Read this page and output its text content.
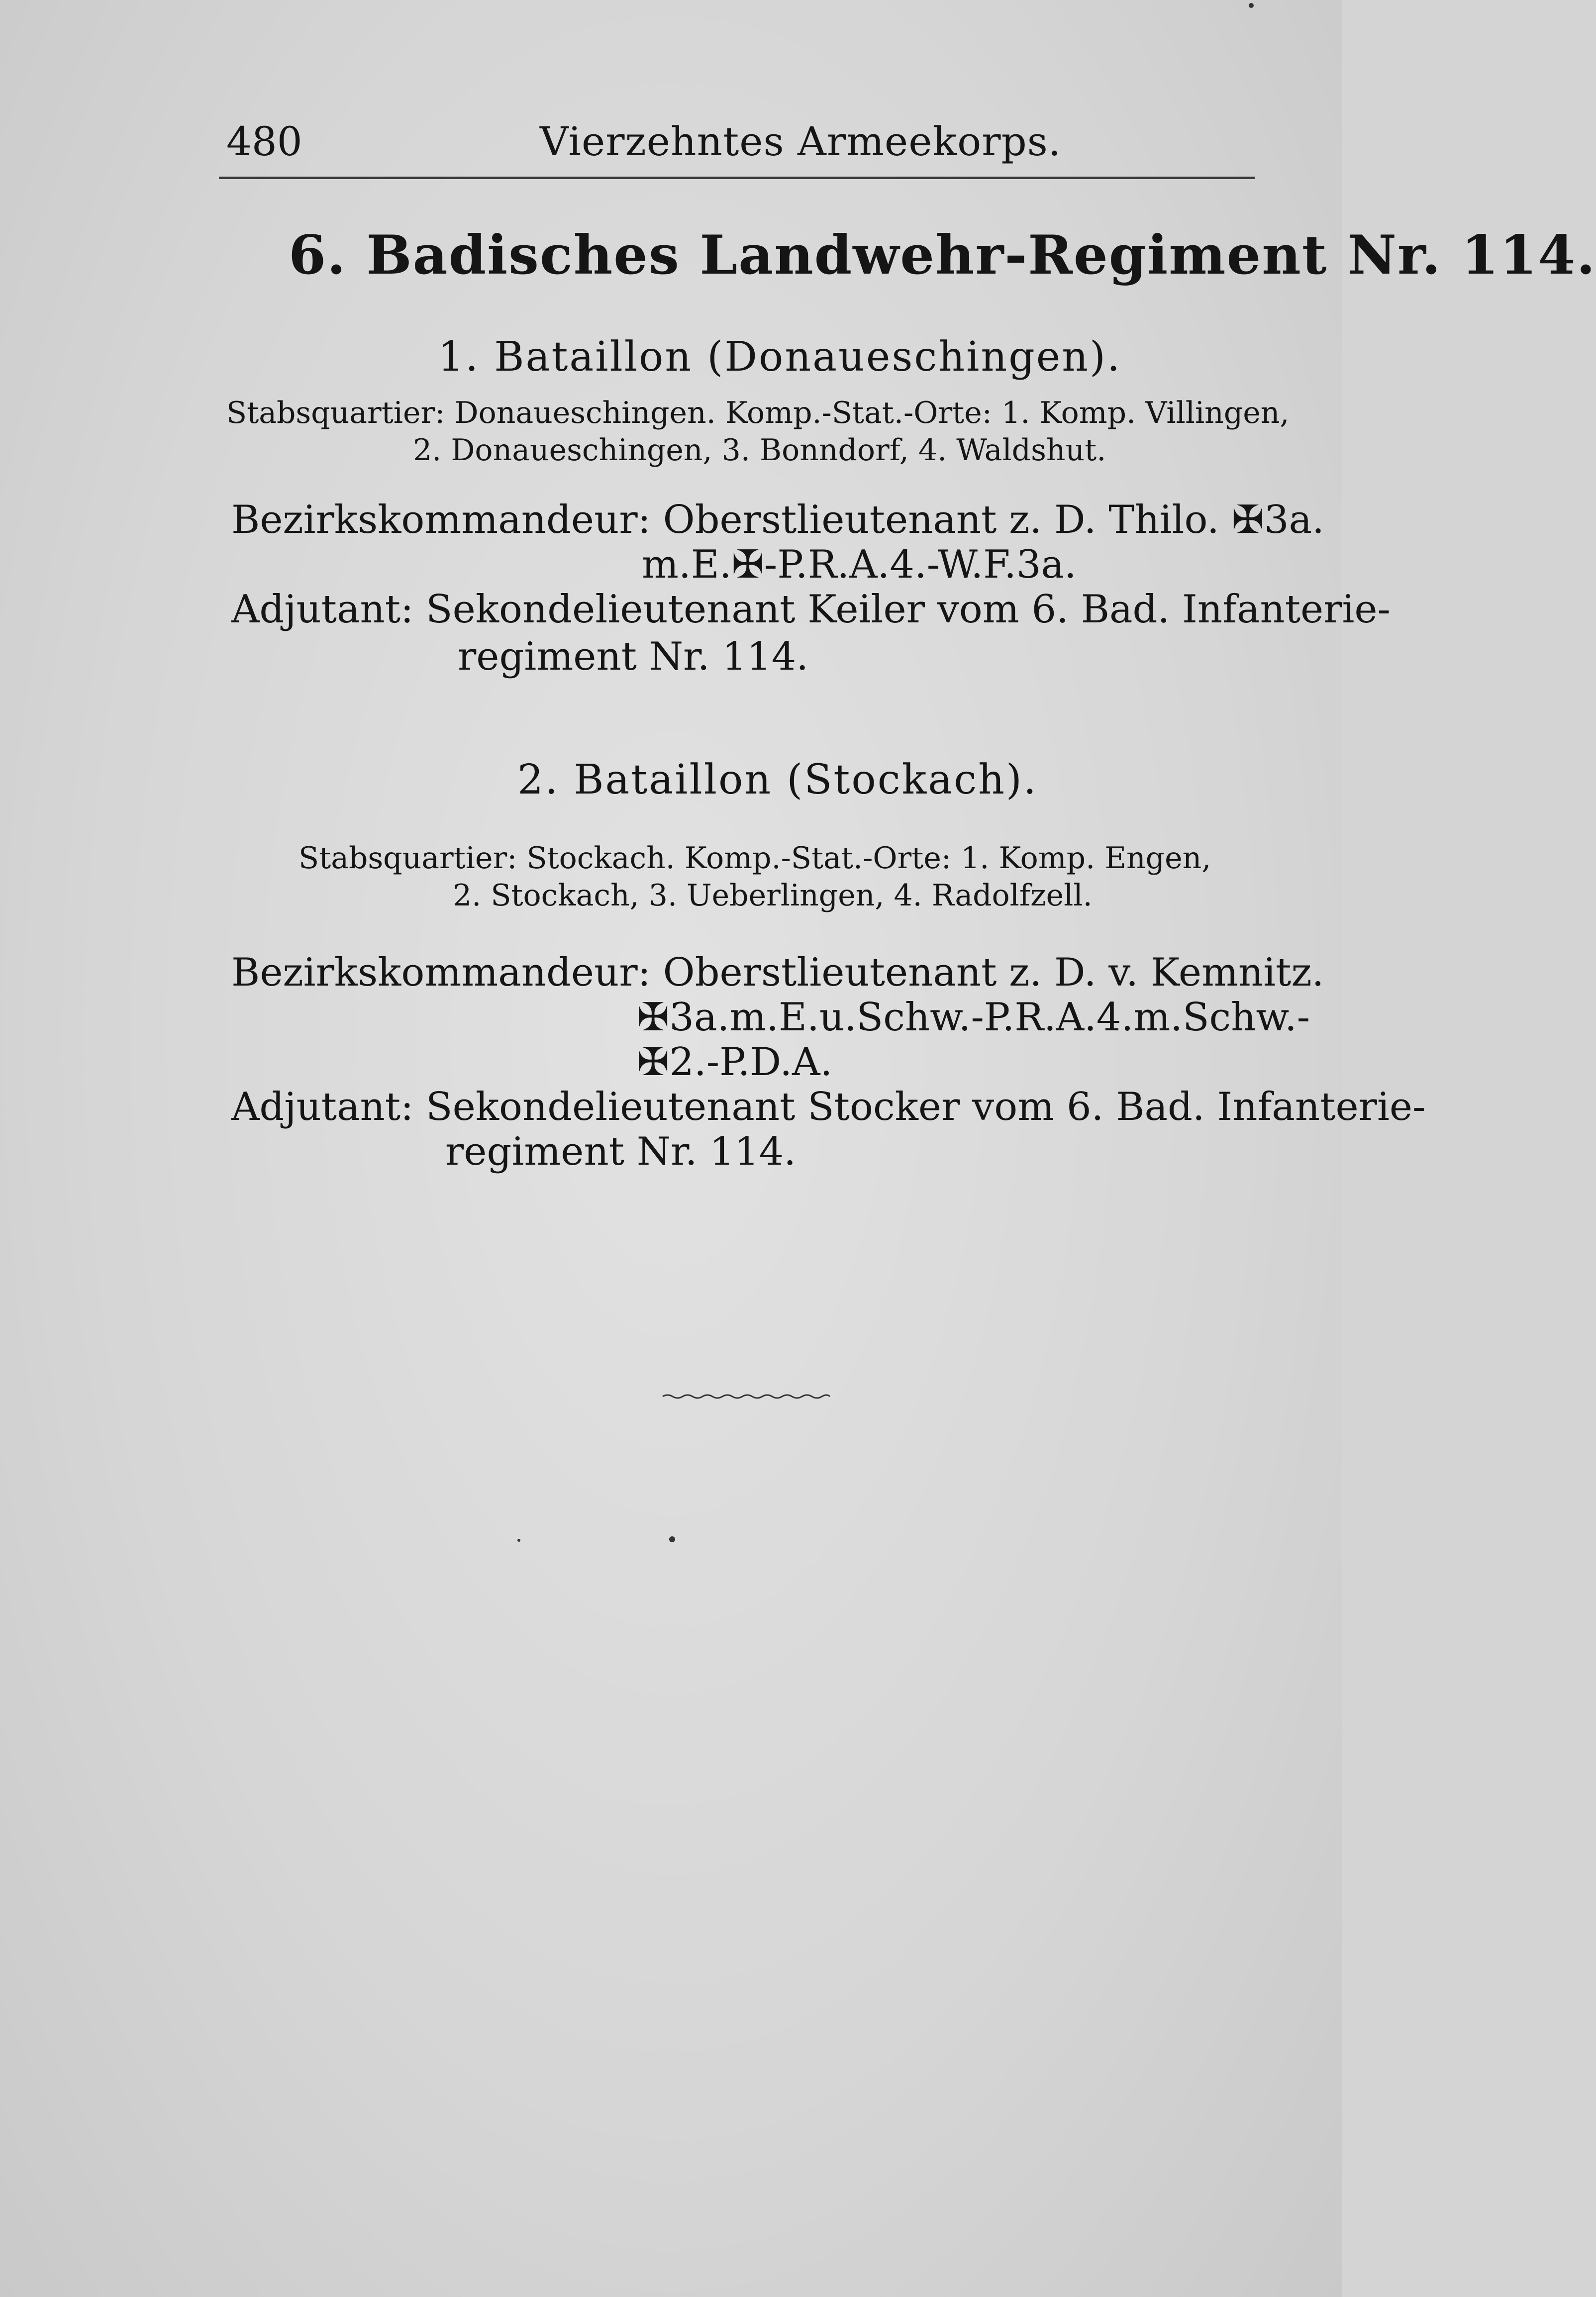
480	Vierzehntes Armeekorps.
6. Badisches Landwehr-Regiment Nr. 114.
1. Bataillon (Donaueschingen).
Stabsquartier: Donaueschingen. Komp.-Stat.-Orte: 1. Komp. Villingen,
2. Donaueschingen, 3. Bonndorf, 4. Waldshut.
Bezirkskommandeur: Oberstlieutenant z. D. Thilo. ✠3a.
m.E.✠-P.R.A.4.-W.F.3a.
Adjutant: Sekondelieutenant Keiler vom 6. Bad. Infanterie-
regiment Nr. 114.
2. Bataillon (Stockach).
Stabsquartier: Stockach. Komp.-Stat.-Orte: 1. Komp. Engen,
2. Stockach, 3. Ueberlingen, 4. Radolfzell.
Bezirkskommandeur: Oberstlieutenant z. D. v. Kemnitz.
✠3a.m.E.u.Schw.-P.R.A.4.m.Schw.-
✠2.-P.D.A.
Adjutant: Sekondelieutenant Stocker vom 6. Bad. Infanterie-
regiment Nr. 114.
